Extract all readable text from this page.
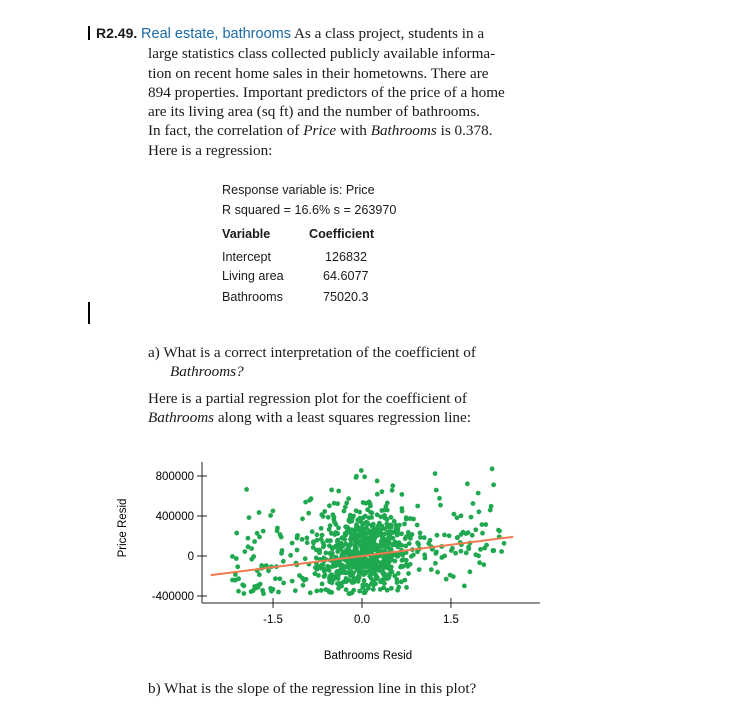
R2.49. Real estate, bathrooms As a class project, students in a
large statistics class collected publicly available informa-
tion on recent home sales in their hometowns. There are
894 properties. Important predictors of the price of a home
are its living area (sq ft) and the number of bathrooms.
In fact, the correlation of Price with Bathrooms is 0.378.
Here is a regression:
Response variable is: Price
R squared = 16.6% s = 263970
Variable	Coefficient
Intercept	126832
Living area	64.6077
Bathrooms	75020.3
a) What is a correct interpretation of the coefficient of
Bathrooms?
Here is a partial regression plot for the coefficient of
Bathrooms along with a least squares regression line:
800000
400000
0
-400000
-1.5	0.0	1.5
Bathrooms Resid
Price Resid
b) What is the slope of the regression line in this plot?
